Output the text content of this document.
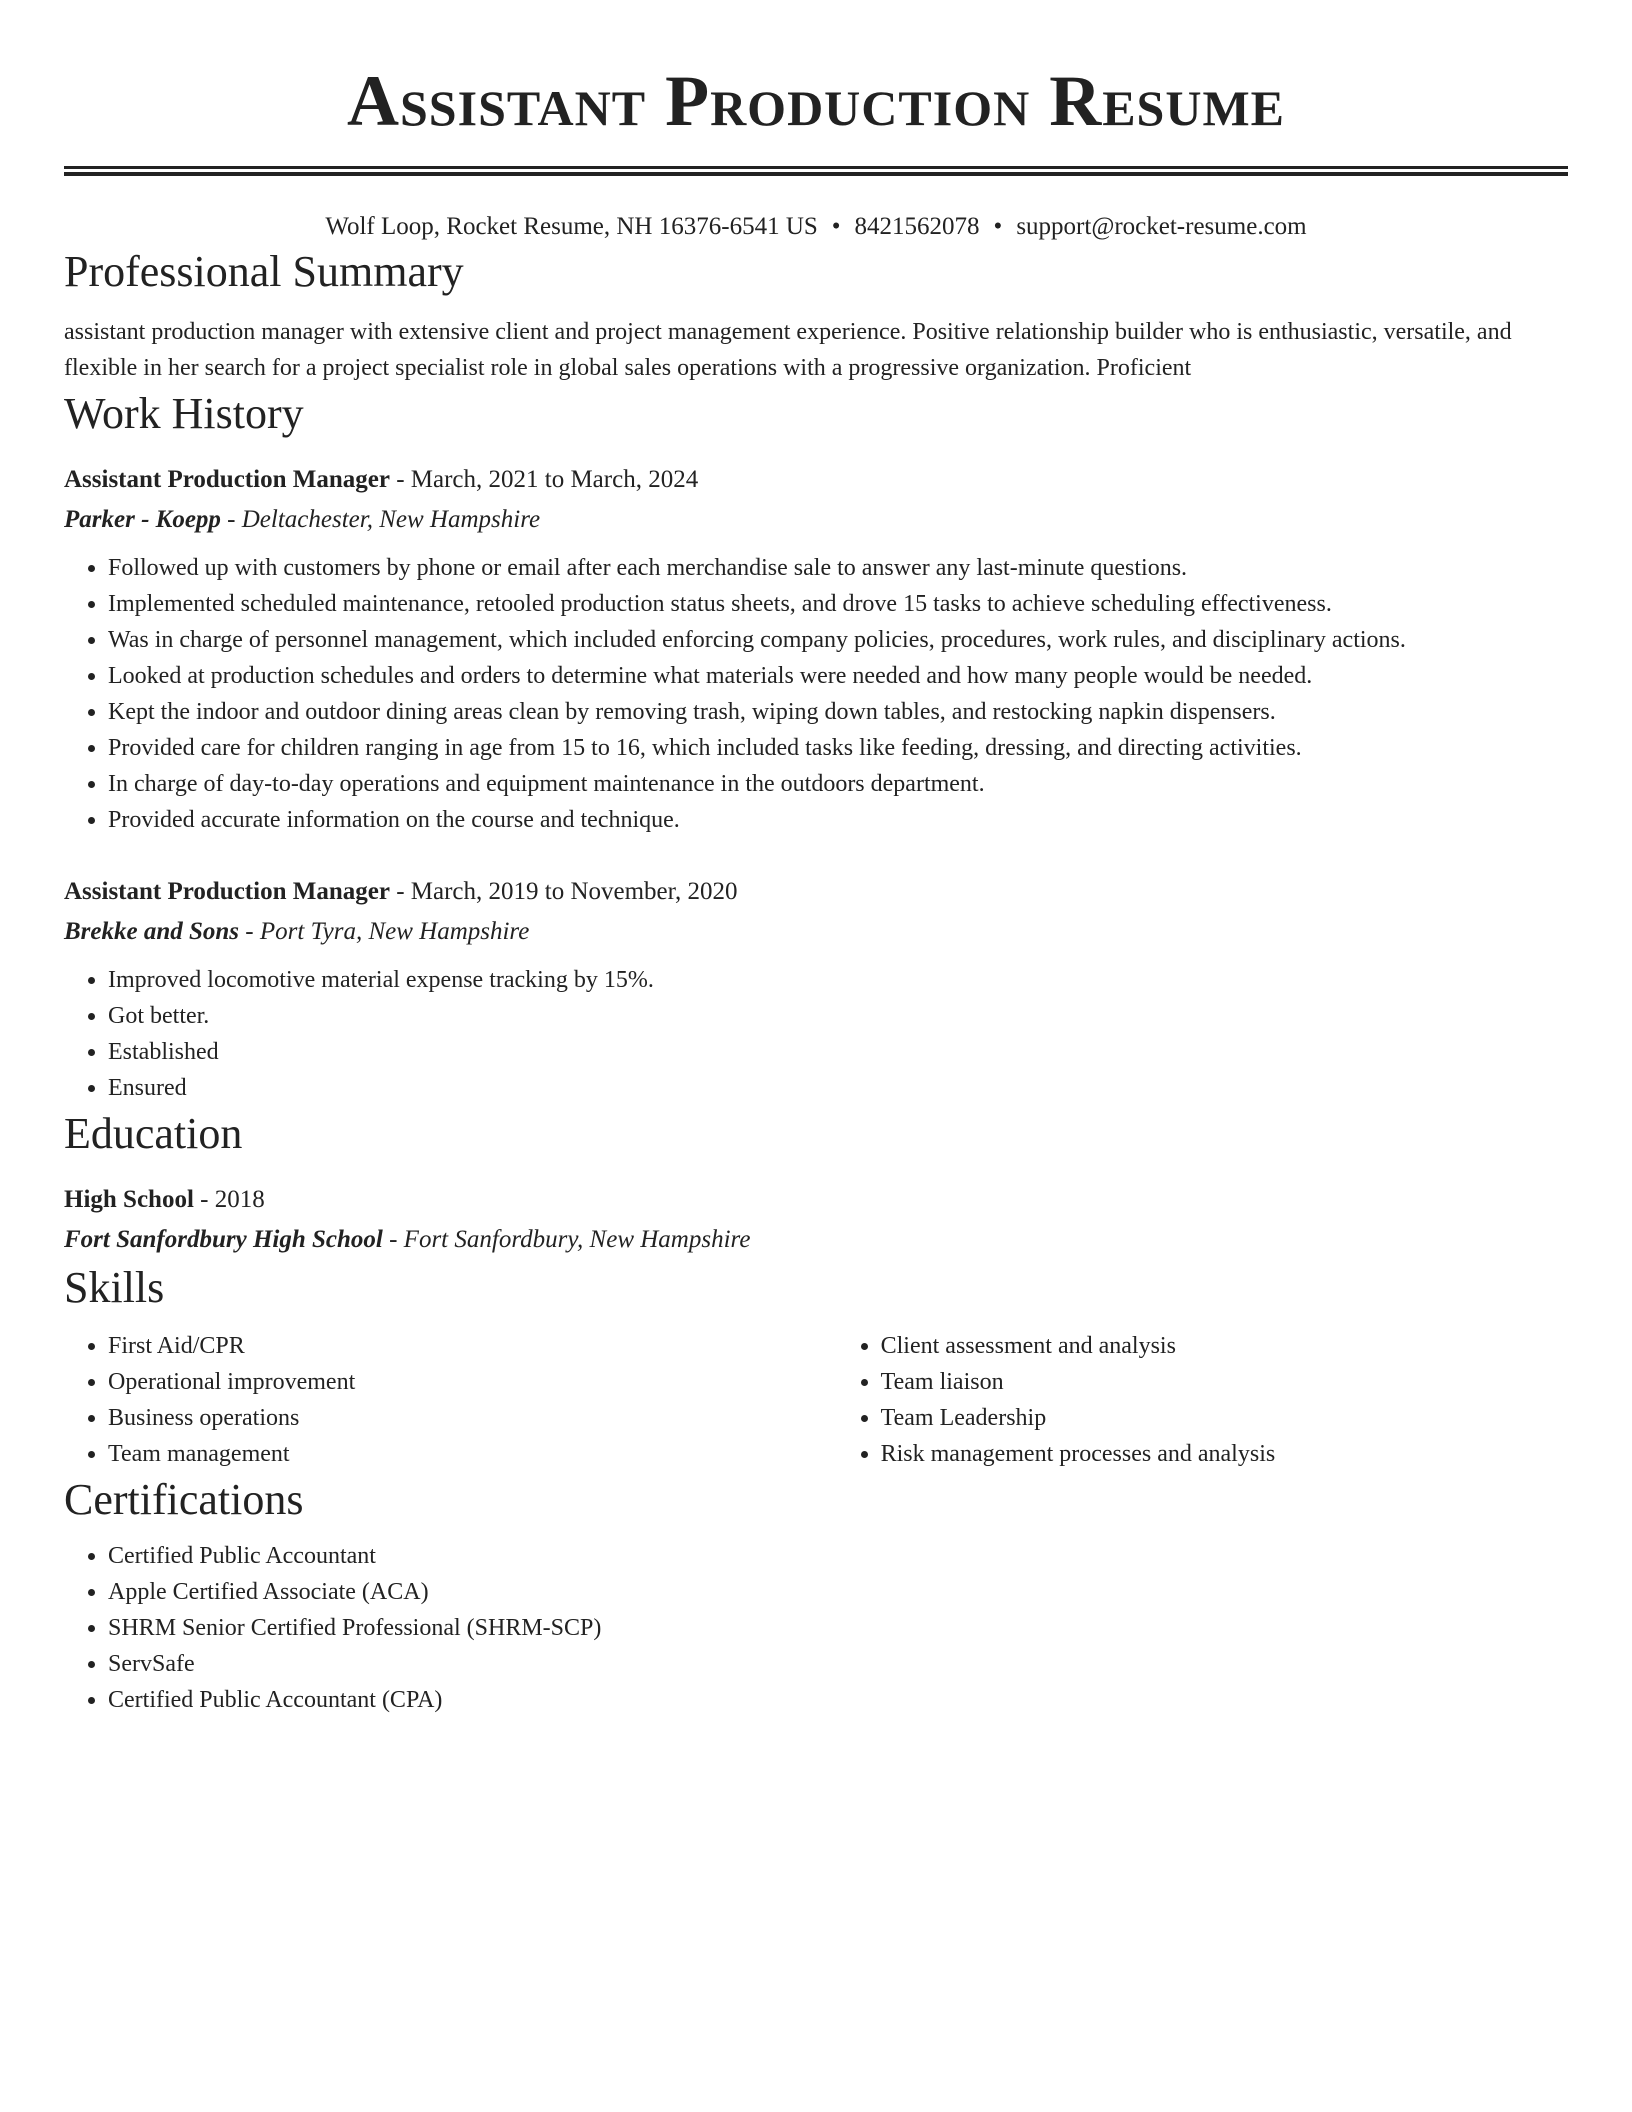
Assistant Production Resume
Wolf Loop, Rocket Resume, NH 16376-6541 US • 8421562078 • support@rocket-resume.com
Professional Summary

assistant production manager with extensive client and project management experience. Positive relationship builder who is enthusiastic, versatile, and flexible in her search for a project specialist role in global sales operations with a progressive organization. Proficient

Work History
Assistant Production Manager - March, 2021 to March, 2024
Parker - Koepp - Deltachester, New Hampshire
• Followed up with customers by phone or email after each merchandise sale to answer any last-minute questions.
• Implemented scheduled maintenance, retooled production status sheets, and drove 15 tasks to achieve scheduling effectiveness.
• Was in charge of personnel management, which included enforcing company policies, procedures, work rules, and disciplinary actions.
• Looked at production schedules and orders to determine what materials were needed and how many people would be needed.
• Kept the indoor and outdoor dining areas clean by removing trash, wiping down tables, and restocking napkin dispensers.
• Provided care for children ranging in age from 15 to 16, which included tasks like feeding, dressing, and directing activities.
• In charge of day-to-day operations and equipment maintenance in the outdoors department.
• Provided accurate information on the course and technique.
Assistant Production Manager - March, 2019 to November, 2020
Brekke and Sons - Port Tyra, New Hampshire
• Improved locomotive material expense tracking by 15%.
• Got better.
• Established
• Ensured
Education
High School - 2018
Fort Sanfordbury High School - Fort Sanfordbury, New Hampshire
Skills
• First Aid/CPR
• Operational improvement
• Business operations
• Team management
• Client assessment and analysis
• Team liaison
• Team Leadership
• Risk management processes and analysis
Certifications
• Certified Public Accountant
• Apple Certified Associate (ACA)
• SHRM Senior Certified Professional (SHRM-SCP)
• ServSafe
• Certified Public Accountant (CPA)
